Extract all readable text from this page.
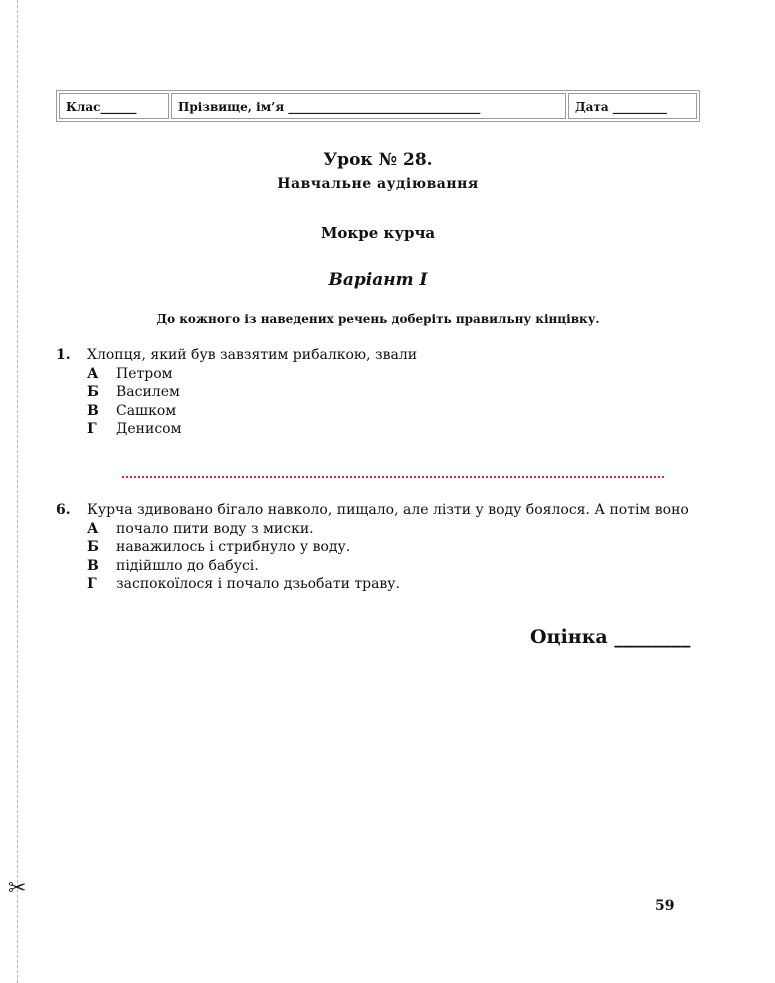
✂
Клас______	Прізвище, ім’я ________________________________	Дата _________
Урок № 28.
Навчальне аудіювання
Мокре курча
Варіант І
До кожного із наведених речень доберіть правильну кінцівку.
1.	Хлопця, який був завзятим рибалкою, звали
А	Петром
Б	Василем
В	Сашком
Г	Денисом
6.	Курча здивовано бігало навколо, пищало, але лізти у воду боялося. А потім воно
А	почало пити воду з миски.
Б	наважилось і стрибнуло у воду.
В	підійшло до бабусі.
Г	заспокоїлося і почало дзьобати траву.
Оцінка ________
59
